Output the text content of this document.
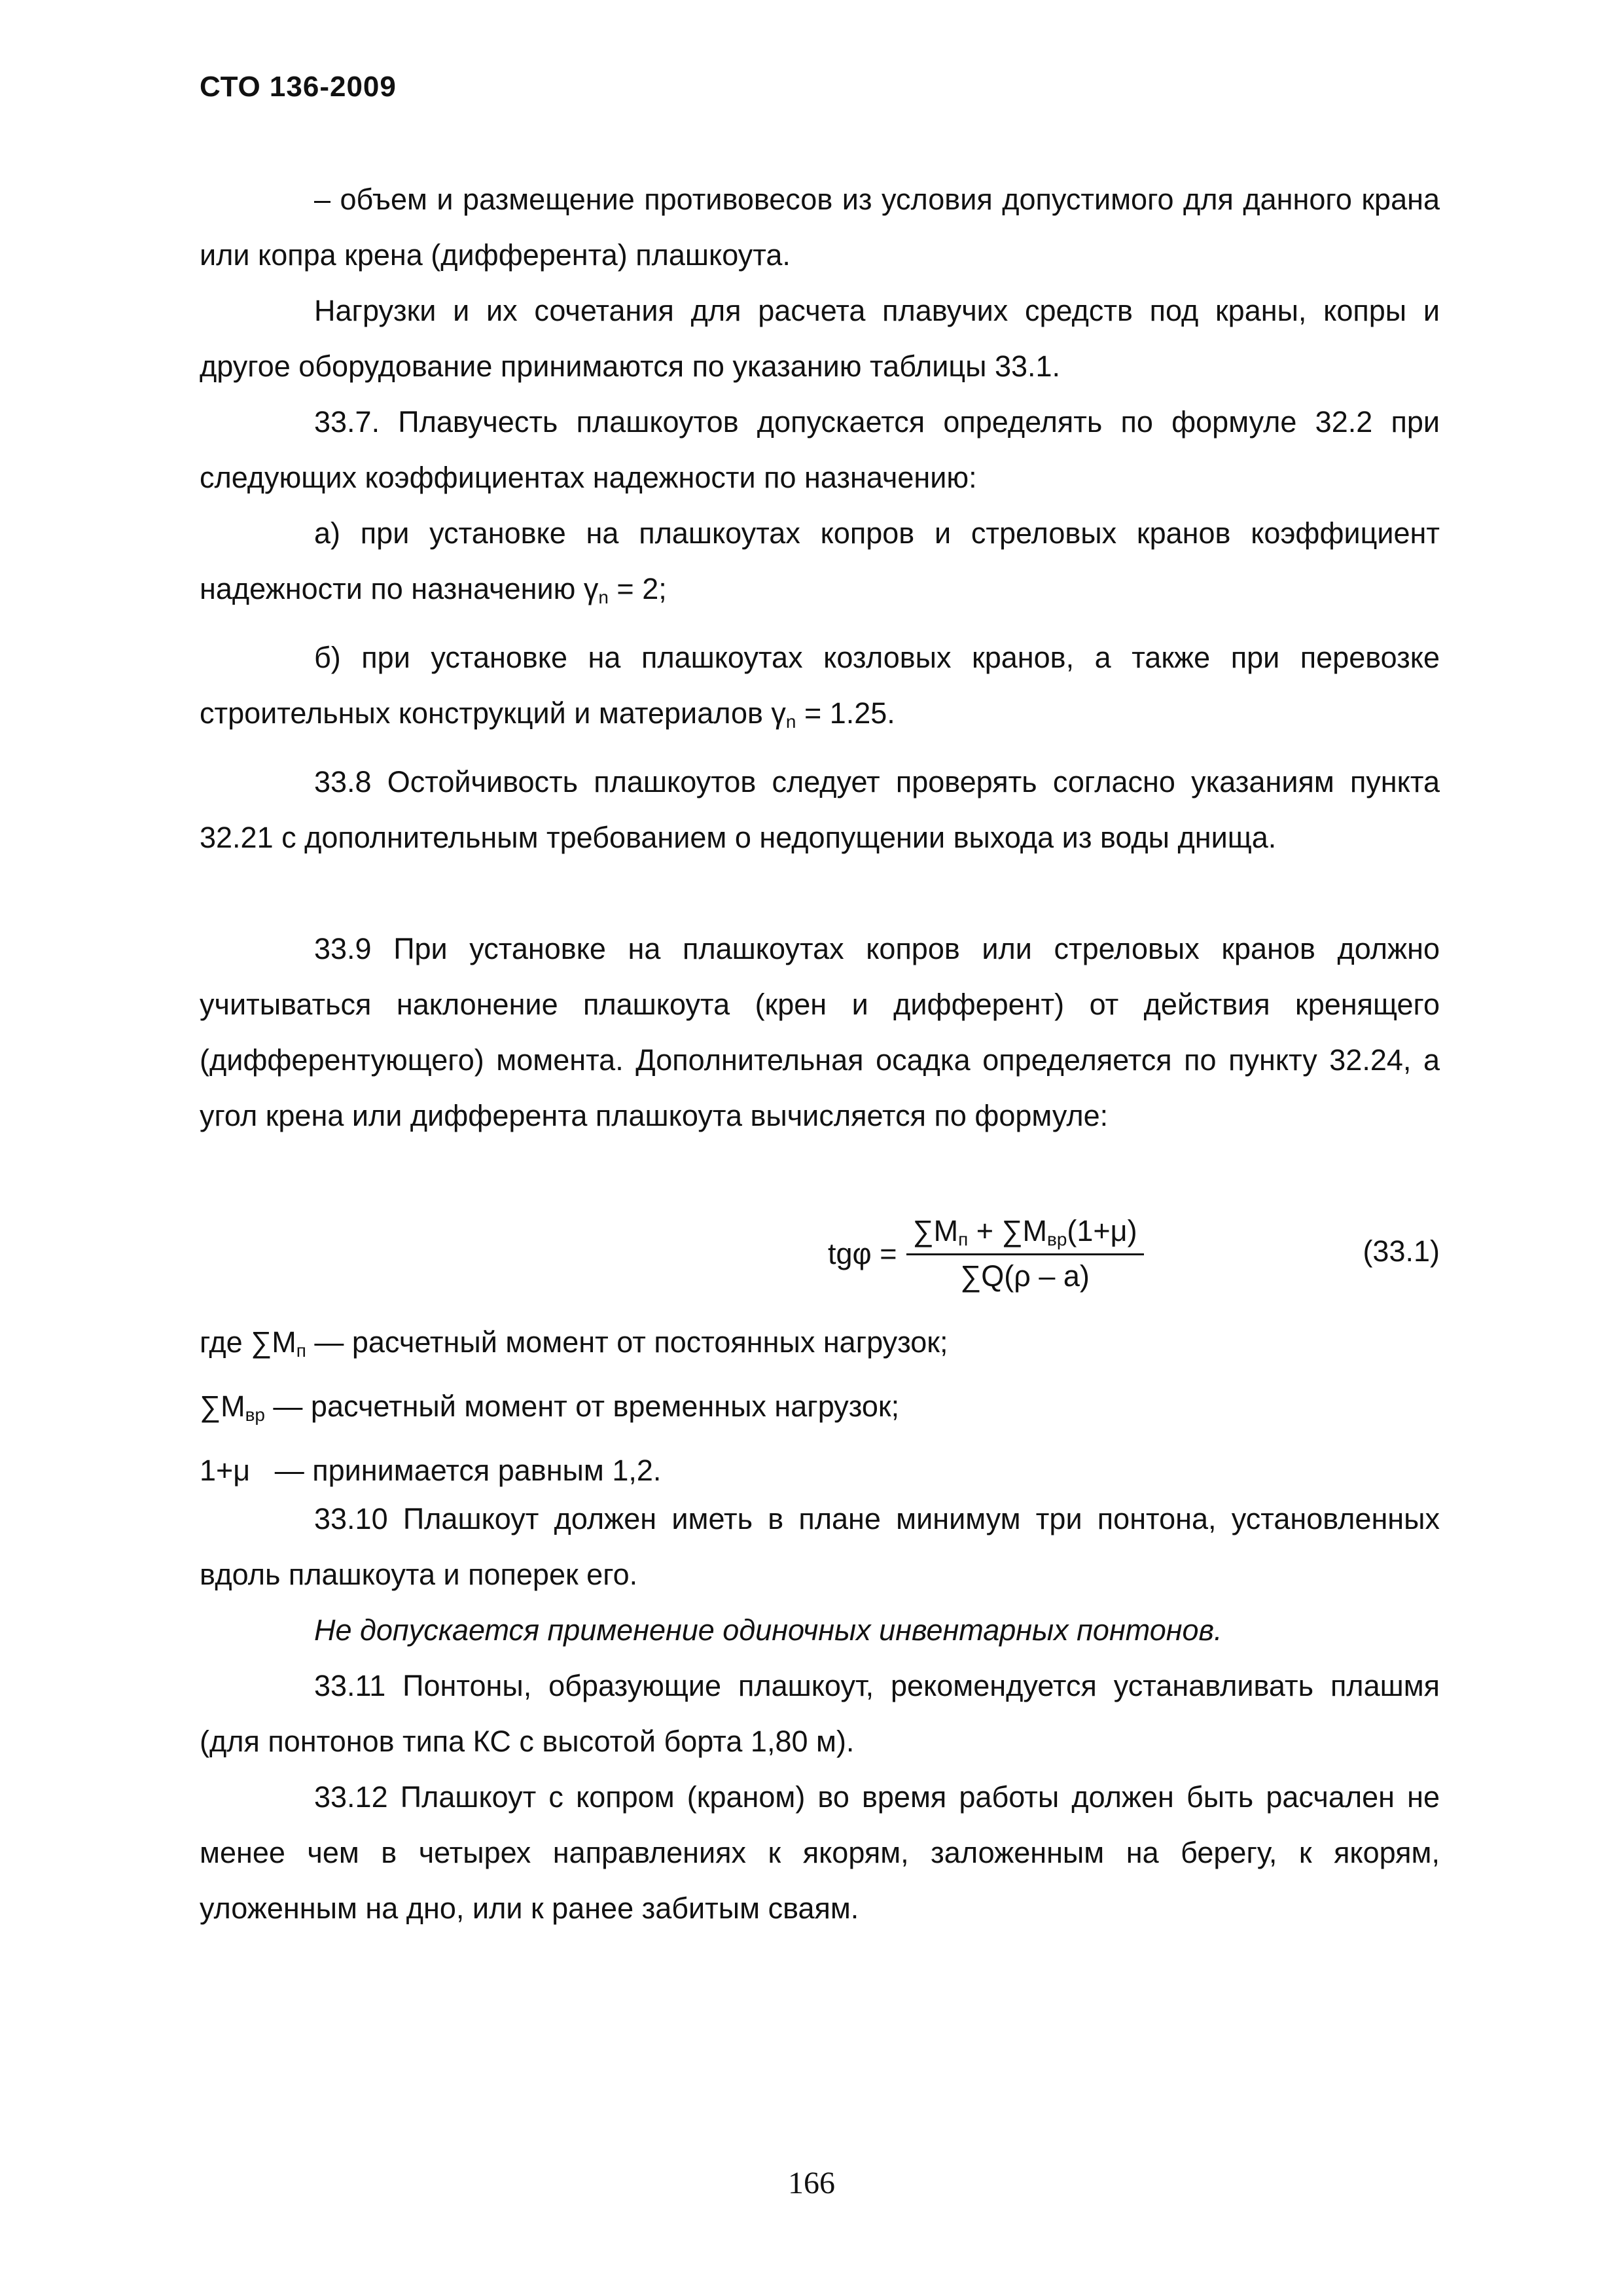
СТО 136-2009

– объем и размещение противовесов из условия допустимого для данного крана или копра крена (дифферента) плашкоута.

Нагрузки и их сочетания для расчета плавучих средств под краны, копры и другое оборудование принимаются по указанию таблицы 33.1.

33.7. Плавучесть плашкоутов допускается определять по формуле 32.2 при следующих коэффициентах надежности по назначению:

а) при установке на плашкоутах копров и стреловых кранов коэффициент надежности по назначению $\gamma_n = 2$;

б) при установке на плашкоутах козловых кранов, а также при перевозке строительных конструкций и материалов $\gamma_n = 1.25$.

33.8 Остойчивость плашкоутов следует проверять согласно указаниям пункта 32.21 с дополнительным требованием о недопущении выхода из воды днища.

33.9 При установке на плашкоутах копров или стреловых кранов должно учитываться наклонение плашкоута (крен и дифферент) от действия кренящего (дифферентующего) момента. Дополнительная осадка определяется по пункту 32.24, а угол крена или дифферента плашкоута вычисляется по формуле:

$tg\varphi = \frac{\sum M_п + \sum M_{вр}(1+\mu)}{\sum Q(\rho - a)}$	(33.1)
где $\sum M_п$ — расчетный момент от постоянных нагрузок;
$\sum M_{вр}$ — расчетный момент от временных нагрузок;
1+μ   — принимается равным 1,2.

33.10 Плашкоут должен иметь в плане минимум три понтона, установленных вдоль плашкоута и поперек его.

Не допускается применение одиночных инвентарных понтонов.

33.11 Понтоны, образующие плашкоут, рекомендуется устанавливать плашмя (для понтонов типа КС с высотой борта 1,80 м).

33.12 Плашкоут с копром (краном) во время работы должен быть расчален не менее чем в четырех направлениях к якорям, заложенным на берегу, к якорям, уложенным на дно, или к ранее забитым сваям.

166
